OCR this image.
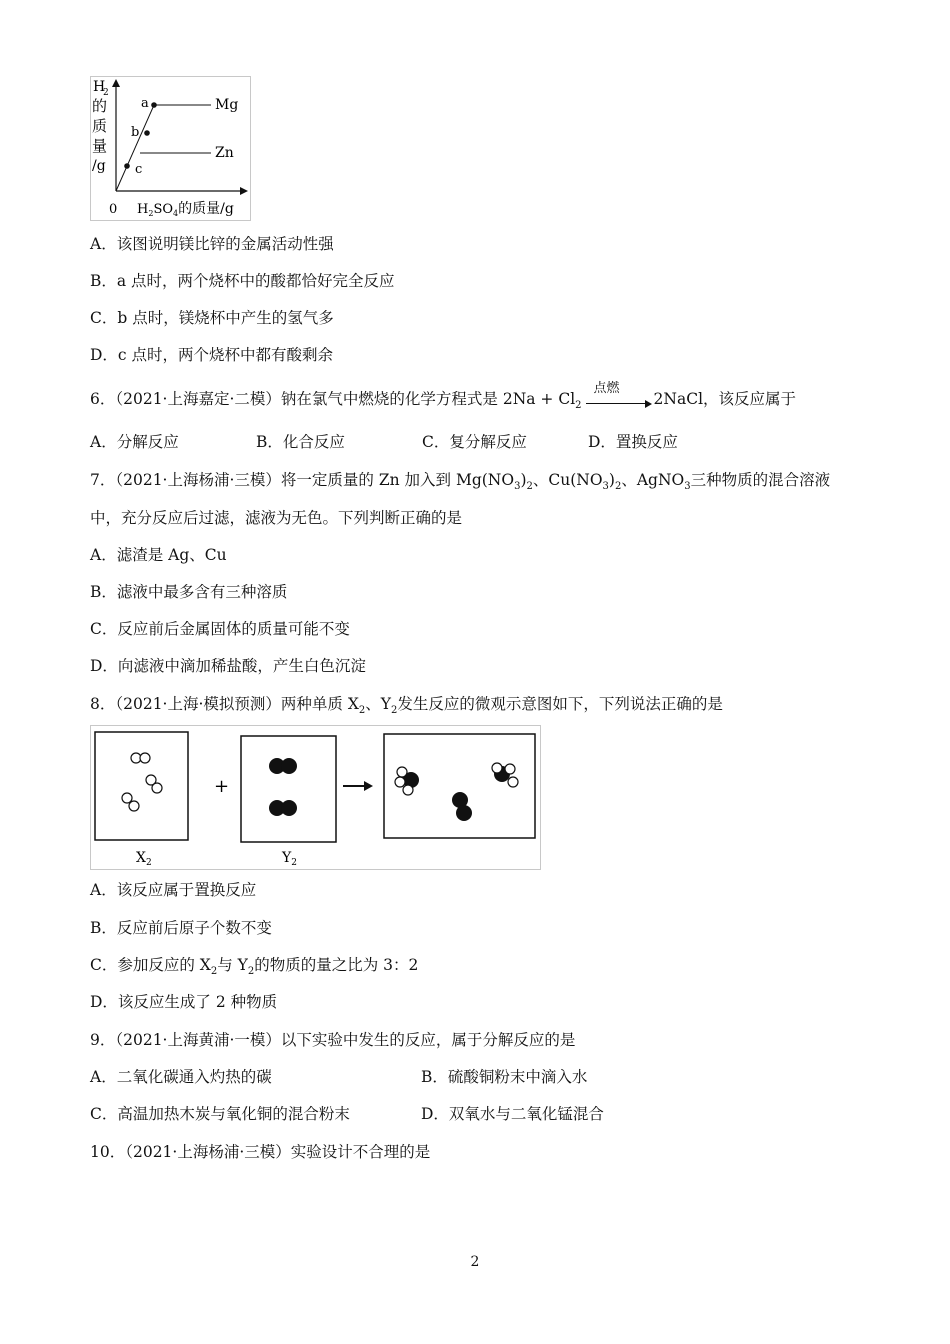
H
2
的
质
量
/g
a
b
c
Mg
Zn
0 $H_2SO_4$的质量/g
A．该图说明镁比锌的金属活动性强
B．a 点时，两个烧杯中的酸都恰好完全反应
C．b 点时，镁烧杯中产生的氢气多
D．c 点时，两个烧杯中都有酸剩余
6．（2021·上海嘉定·二模）钠在氯气中燃烧的化学方程式是 $2Na + Cl_2$
点燃
2NaCl，该反应属于
A．分解反应	B．化合反应	C．复分解反应	D．置换反应
7．（2021·上海杨浦·三模）将一定质量的 Zn 加入到 $Mg(NO_3)_2$、$Cu(NO_3)_2$、AgNO$_3$三种物质的混合溶液
中，充分反应后过滤，滤液为无色。下列判断正确的是
A．滤渣是 Ag、Cu
B．滤液中最多含有三种溶质
C．反应前后金属固体的质量可能不变
D．向滤液中滴加稀盐酸，产生白色沉淀
8．（2021·上海·模拟预测）两种单质 $X_2$、$Y_2$发生反应的微观示意图如下，下列说法正确的是
$X_2$
+
$Y_2$
A．该反应属于置换反应
B．反应前后原子个数不变
C．参加反应的 $X_2$与 $Y_2$的物质的量之比为 3：2
D．该反应生成了 2 种物质
9．（2021·上海黄浦·一模）以下实验中发生的反应，属于分解反应的是
A．二氧化碳通入灼热的碳	B．硫酸铜粉末中滴入水
C．高温加热木炭与氧化铜的混合粉末	D．双氧水与二氧化锰混合
10．（2021·上海杨浦·三模）实验设计不合理的是
2
